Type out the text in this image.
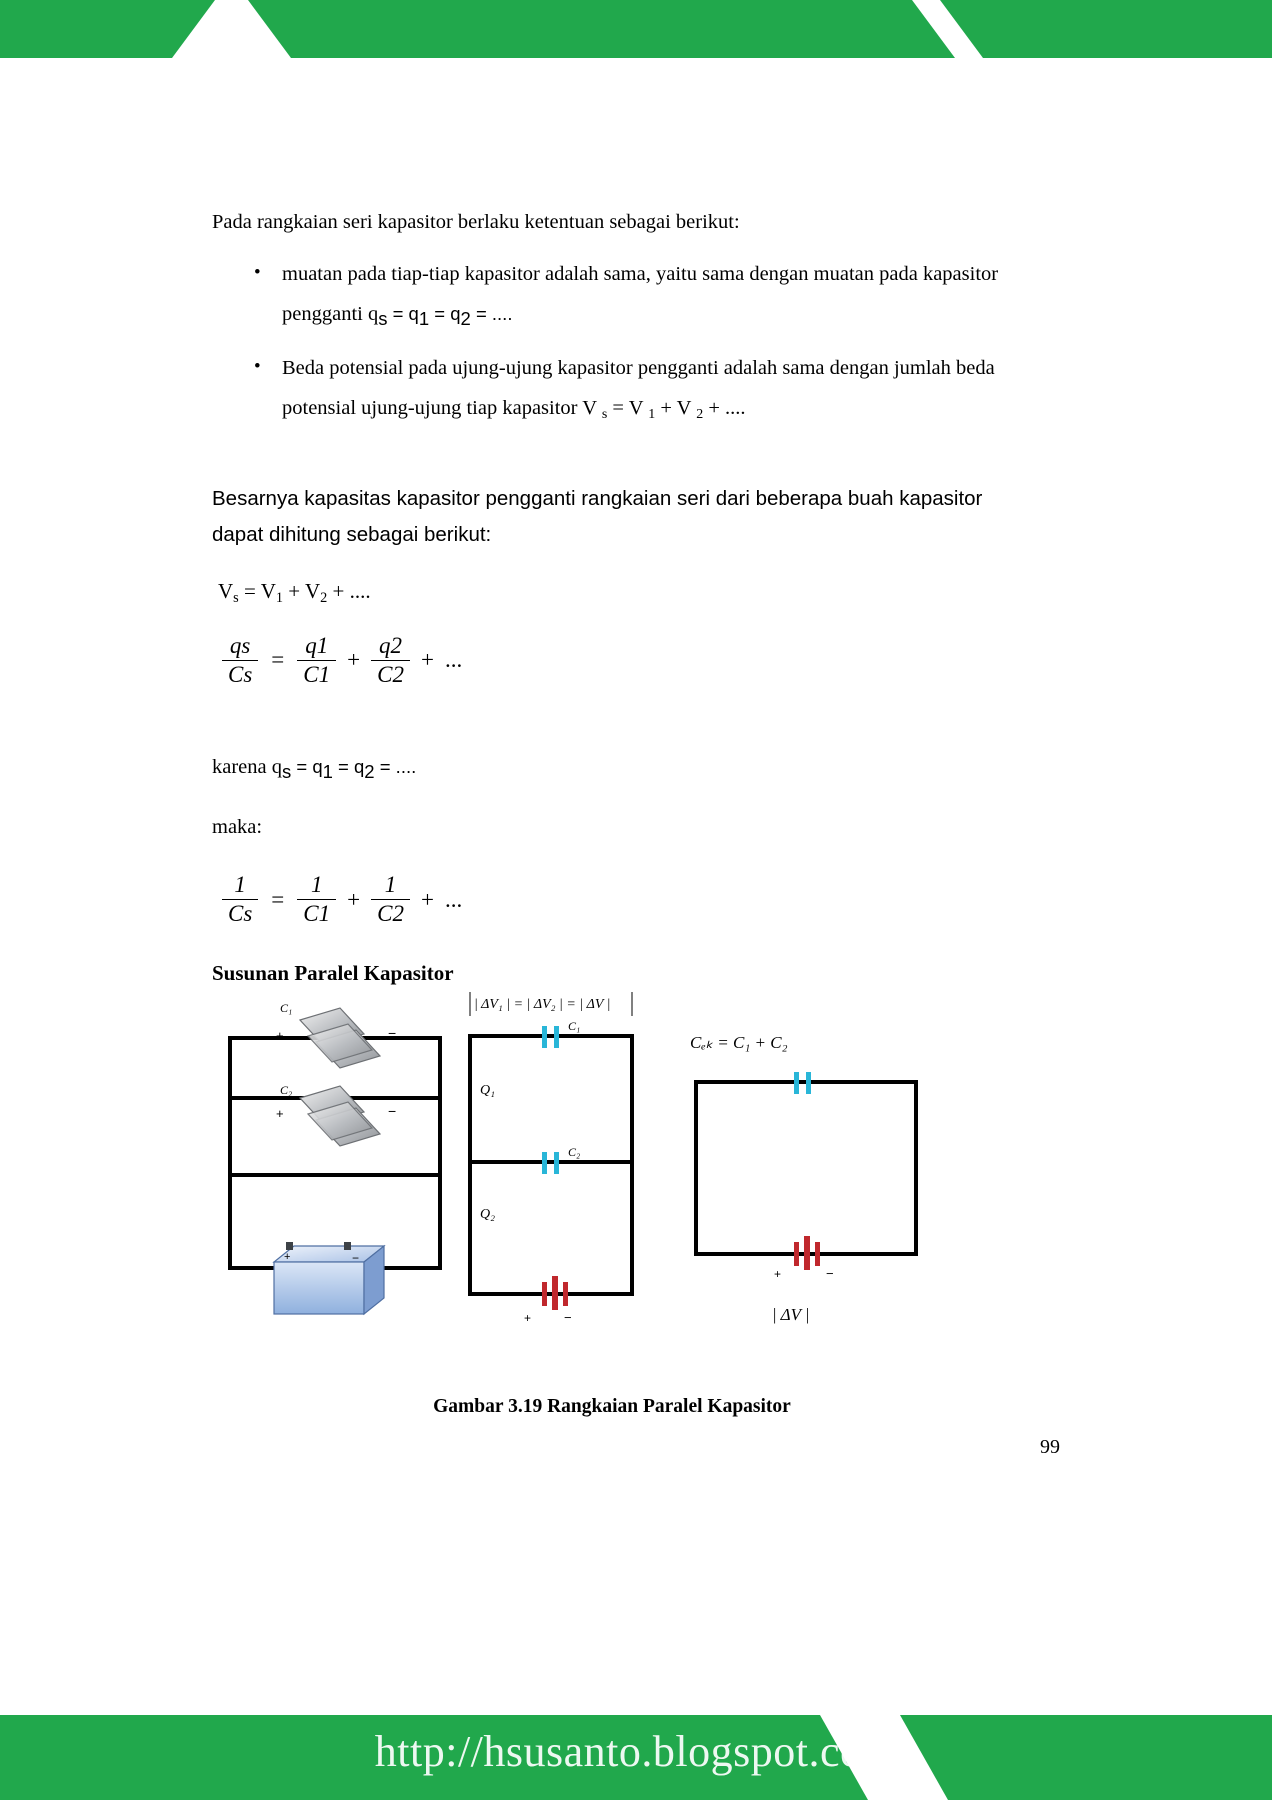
Pada rangkaian seri kapasitor berlaku ketentuan sebagai berikut:

• muatan pada tiap-tiap kapasitor adalah sama, yaitu sama dengan muatan pada kapasitor pengganti $q_s = q_1 = q_2$ = ....
• Beda potensial pada ujung-ujung kapasitor pengganti adalah sama dengan jumlah beda potensial ujung-ujung tiap kapasitor V $_s$ = V $_1$ + V $_2$ + ....

Besarnya kapasitas kapasitor pengganti rangkaian seri dari beberapa buah kapasitor dapat dihitung sebagai berikut:

$V_s = V_1 + V_2$ + ....
$\frac{qs}{Cs} = \frac{q1}{C1} + \frac{q2}{C2}$ + ...

karena $q_s = q_1 = q_2$ = ....

maka:

$\frac{1}{Cs} = \frac{1}{C1} + \frac{1}{C2}$ + ...
Susunan Paralel Kapasitor
C₁
+	−
C₂
+	−
+	−
| ΔV₁ | = | ΔV₂ | = | ΔV |
C₁
Q₁
C₂
Q₂
+	−
Cₑₖ = C₁ + C₂
+	−
| ΔV |
Gambar 3.19 Rangkaian Paralel Kapasitor
99
http://hsusanto.blogspot.com
